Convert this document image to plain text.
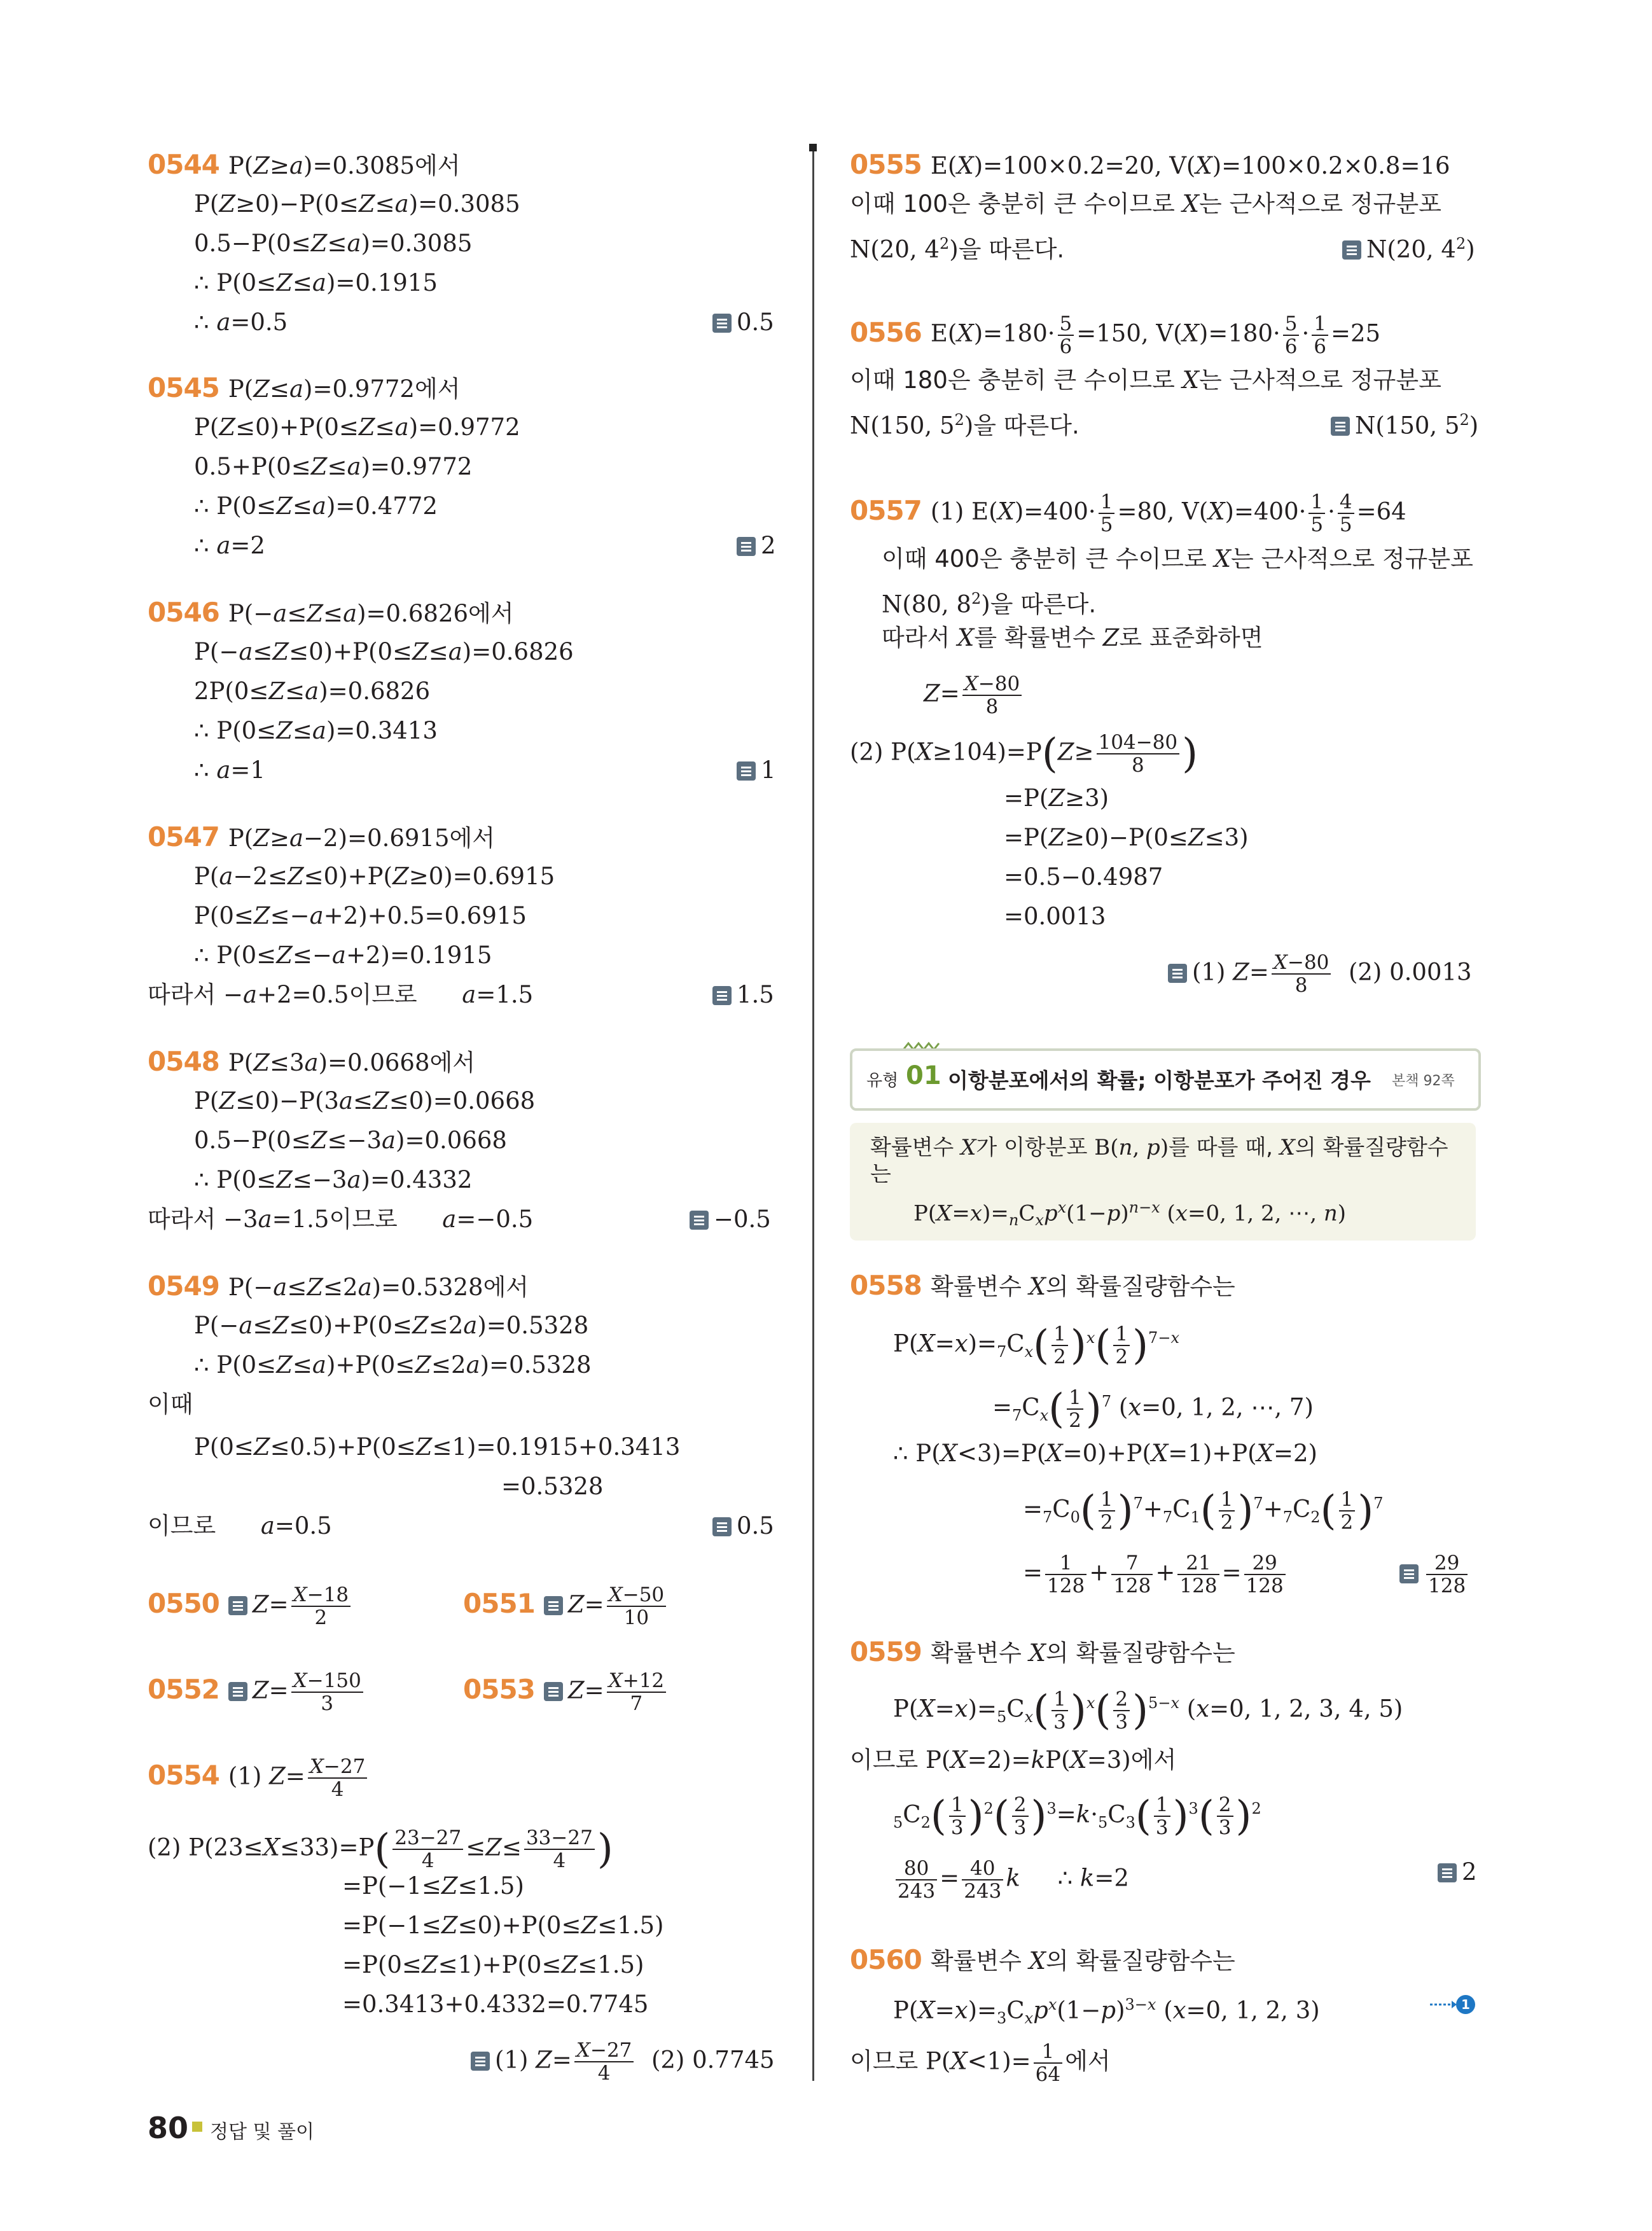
0544 P(Z≥a)=0.3085에서
P(Z≥0)−P(0≤Z≤a)=0.3085
0.5−P(0≤Z≤a)=0.3085
∴ P(0≤Z≤a)=0.1915
∴ a=0.5	0.5
0545 P(Z≤a)=0.9772에서
P(Z≤0)+P(0≤Z≤a)=0.9772
0.5+P(0≤Z≤a)=0.9772
∴ P(0≤Z≤a)=0.4772
∴ a=2	2
0546 P(−a≤Z≤a)=0.6826에서
P(−a≤Z≤0)+P(0≤Z≤a)=0.6826
2P(0≤Z≤a)=0.6826
∴ P(0≤Z≤a)=0.3413
∴ a=1	1
0547 P(Z≥a−2)=0.6915에서
P(a−2≤Z≤0)+P(Z≥0)=0.6915
P(0≤Z≤−a+2)+0.5=0.6915
∴ P(0≤Z≤−a+2)=0.1915
따라서 −a+2=0.5이므로 a=1.5	1.5
0548 P(Z≤3a)=0.0668에서
P(Z≤0)−P(3a≤Z≤0)=0.0668
0.5−P(0≤Z≤−3a)=0.0668
∴ P(0≤Z≤−3a)=0.4332
따라서 −3a=1.5이므로 a=−0.5	−0.5
0549 P(−a≤Z≤2a)=0.5328에서
P(−a≤Z≤0)+P(0≤Z≤2a)=0.5328
∴ P(0≤Z≤a)+P(0≤Z≤2a)=0.5328
이때
P(0≤Z≤0.5)+P(0≤Z≤1)=0.1915+0.3413
=0.5328
이므로 a=0.5	0.5
0550 $Z= \frac{X-18}{2}$	0551 $Z= \frac{X-50}{10}$
0552 $Z= \frac{X-150}{3}$	0553 $Z= \frac{X+12}{7}$
0554 (1) $Z= \frac{X-27}{4}$
(2) $P(23\le X\le 33)=P( \frac{23-27}{4} \le Z\le \frac{33-27}{4}$ )
=P(−1≤Z≤1.5)
=P(−1≤Z≤0)+P(0≤Z≤1.5)
=P(0≤Z≤1)+P(0≤Z≤1.5)
=0.3413+0.4332=0.7745
(1) $Z= \frac{X-27}{4} (2)$ 0.7745
0555 E(X)=100×0.2=20, V(X)=100×0.2×0.8=16
이때 100은 충분히 큰 수이므로 X는 근사적으로 정규분포
N(20, $4^2$)을 따른다.	N(20, $4^2$)
0556 $E(X)=180\cdot \frac{5}{6} =150$, $V(X)=180\cdot \frac{5}{6} \cdot \frac{1}{6} =25$
이때 180은 충분히 큰 수이므로 X는 근사적으로 정규분포
N(150, $5^2$)을 따른다.	N(150, $5^2$)
0557 (1) $E(X)=400\cdot \frac{1}{5} =80$, $V(X)=400\cdot \frac{1}{5} \cdot \frac{4}{5} =64$
이때 400은 충분히 큰 수이므로 X는 근사적으로 정규분포
N(80, $8^2$)을 따른다.
따라서 X를 확률변수 Z로 표준화하면
$Z= \frac{X-80}{8}$
(2) $P(X\ge 104)=P(Z\ge \frac{104-80}{8}$ )
=P(Z≥3)
=P(Z≥0)−P(0≤Z≤3)
=0.5−0.4987
=0.0013
(1) $Z= \frac{X-80}{8} (2)$ 0.0013
유형 01 이항분포에서의 확률; 이항분포가 주어진 경우 본책 92쪽
확률변수 X가 이항분포 B(n, p)를 따를 때, X의 확률질량함수
는
$P(X=x)=_nC_xp^x(1-p)^{n-x}$ (x=0, 1, 2, ⋯, n)
0558 확률변수 X의 확률질량함수는
$P(X=x)=_7C_x( \frac{1}{2} )^x( \frac{1}{2} )^{7-x}$
$=_7C_x( \frac{1}{2} )^7$ (x=0, 1, 2, ⋯, 7)
∴ P(X<3)=P(X=0)+P(X=1)+P(X=2)
$=_7C_0( \frac{1}{2} )^7+_7C_1( \frac{1}{2} )^7+_7C_2( \frac{1}{2} )^7$
= $\frac{1}{128} + \frac{7}{128} + \frac{21}{128} = \frac{29}{128}$	$\frac{29}{128}$
0559 확률변수 X의 확률질량함수는
$P(X=x)=_5C_x( \frac{1}{3} )^x( \frac{2}{3} )^{5-x}$ (x=0, 1, 2, 3, 4, 5)
이므로 P(X=2)=kP(X=3)에서
$_5C_2( \frac{1}{3} )^2( \frac{2}{3} )^3=k\cdot_5C_3( \frac{1}{3} )^3( \frac{2}{3} )^2$
$\frac{80}{243} = \frac{40}{243}$ k     ∴ k=2	2
0560 확률변수 X의 확률질량함수는
$P(X=x)=_3C_xp^x(1-p)^{3-x}$ (x=0, 1, 2, 3)	1
이므로 $P(X<1)= \frac{1}{64}$ 에서
80 정답 및 풀이
